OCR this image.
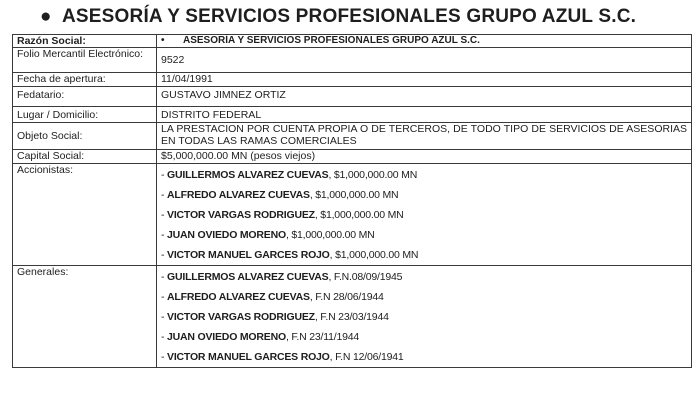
● ASESORÍA Y SERVICIOS PROFESIONALES GRUPO AZUL S.C.
Razón Social:	• ASESORÍA Y SERVICIOS PROFESIONALES GRUPO AZUL S.C.
Folio Mercantil Electrónico:	9522
Fecha de apertura:	11/04/1991
Fedatario:	GUSTAVO JIMNEZ ORTIZ
Lugar / Domicilio:	DISTRITO FEDERAL
Objeto Social:	LA PRESTACION POR CUENTA PROPIA O DE TERCEROS, DE TODO TIPO DE SERVICIOS DE ASESORIAS EN TODAS LAS RAMAS COMERCIALES
Capital Social:	$5,000,000.00 MN (pesos viejos)
Accionistas:	- GUILLERMOS ALVAREZ CUEVAS, $1,000,000.00 MN
- ALFREDO ALVAREZ CUEVAS, $1,000,000.00 MN
- VICTOR VARGAS RODRIGUEZ, $1,000,000.00 MN
- JUAN OVIEDO MORENO, $1,000,000.00 MN
- VICTOR MANUEL GARCES ROJO, $1,000,000.00 MN

Generales:	- GUILLERMOS ALVAREZ CUEVAS, F.N.08/09/1945
- ALFREDO ALVAREZ CUEVAS, F.N 28/06/1944
- VICTOR VARGAS RODRIGUEZ, F.N 23/03/1944
- JUAN OVIEDO MORENO, F.N 23/11/1944
- VICTOR MANUEL GARCES ROJO, F.N 12/06/1941
